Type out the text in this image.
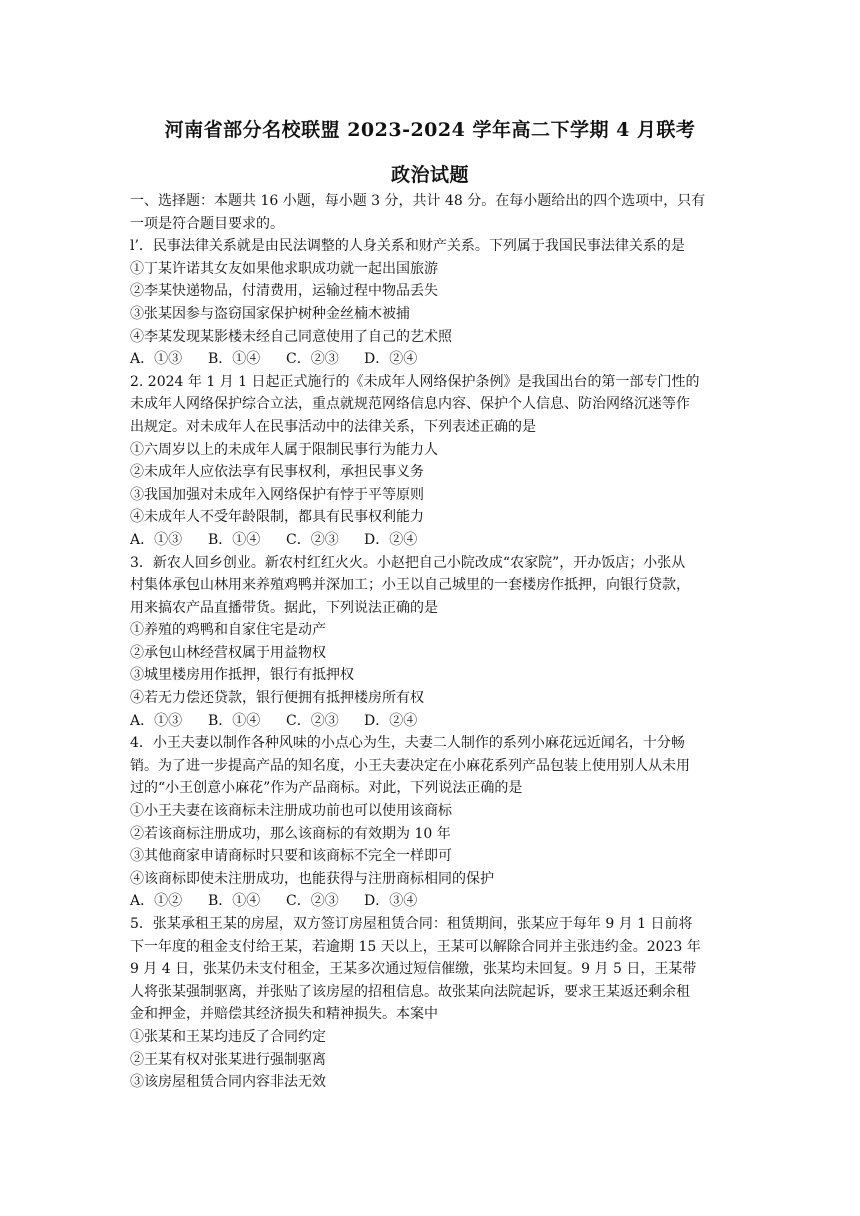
河南省部分名校联盟 2023-2024 学年高二下学期 4 月联考
政治试题

一、选择题：本题共 16 小题，每小题 3 分，共计 48 分。在每小题给出的四个选项中，只有

一项是符合题目要求的。

l’．民事法律关系就是由民法调整的人身关系和财产关系。下列属于我国民事法律关系的是

①丁某许诺其女友如果他求职成功就一起出国旅游

②李某快递物品，付清费用，运输过程中物品丢失

③张某因参与盗窃国家保护树种金丝楠木被捕

④李某发现某影楼未经自己同意使用了自己的艺术照

A．①③	B．①④	C．②③	D．②④

2. 2024 年 1 月 1 日起正式施行的《未成年人网络保护条例》是我国出台的第一部专门性的

未成年人网络保护综合立法，重点就规范网络信息内容、保护个人信息、防治网络沉迷等作

出规定。对未成年人在民事活动中的法律关系，下列表述正确的是

①六周岁以上的未成年人属于限制民事行为能力人

②未成年人应依法享有民事权利，承担民事义务

③我国加强对未成年入网络保护有悖于平等原则

④未成年人不受年龄限制，都具有民事权利能力

A．①③	B．①④	C．②③	D．②④

3．新农人回乡创业。新农村红红火火。小赵把自己小院改成“农家院”，开办饭店；小张从

村集体承包山林用来养殖鸡鸭并深加工；小王以自己城里的一套楼房作抵押，向银行贷款，

用来搞农产品直播带货。据此，下列说法正确的是

①养殖的鸡鸭和自家住宅是动产

②承包山林经营权属于用益物权

③城里楼房用作抵押，银行有抵押权

④若无力偿还贷款，银行便拥有抵押楼房所有权

A．①③	B．①④	C．②③	D．②④

4．小王夫妻以制作各种风味的小点心为生，夫妻二人制作的系列小麻花远近闻名，十分畅

销。为了进一步提高产品的知名度，小王夫妻决定在小麻花系列产品包装上使用别人从未用

过的“小王创意小麻花”作为产品商标。对此，下列说法正确的是

①小王夫妻在该商标未注册成功前也可以使用该商标

②若该商标注册成功，那么该商标的有效期为 10 年

③其他商家申请商标时只要和该商标不完全一样即可

④该商标即使未注册成功，也能获得与注册商标相同的保护

A．①②	B．①④	C．②③	D．③④

5．张某承租王某的房屋，双方签订房屋租赁合同：租赁期间，张某应于每年 9 月 1 日前将

下一年度的租金支付给王某，若逾期 15 天以上，王某可以解除合同并主张违约金。2023 年

9 月 4 日，张某仍未支付租金，王某多次通过短信催缴，张某均未回复。9 月 5 日，王某带

人将张某强制驱离，并张贴了该房屋的招租信息。故张某向法院起诉，要求王某返还剩余租

金和押金，并赔偿其经济损失和精神损失。本案中

①张某和王某均违反了合同约定

②王某有权对张某进行强制驱离

③该房屋租赁合同内容非法无效
